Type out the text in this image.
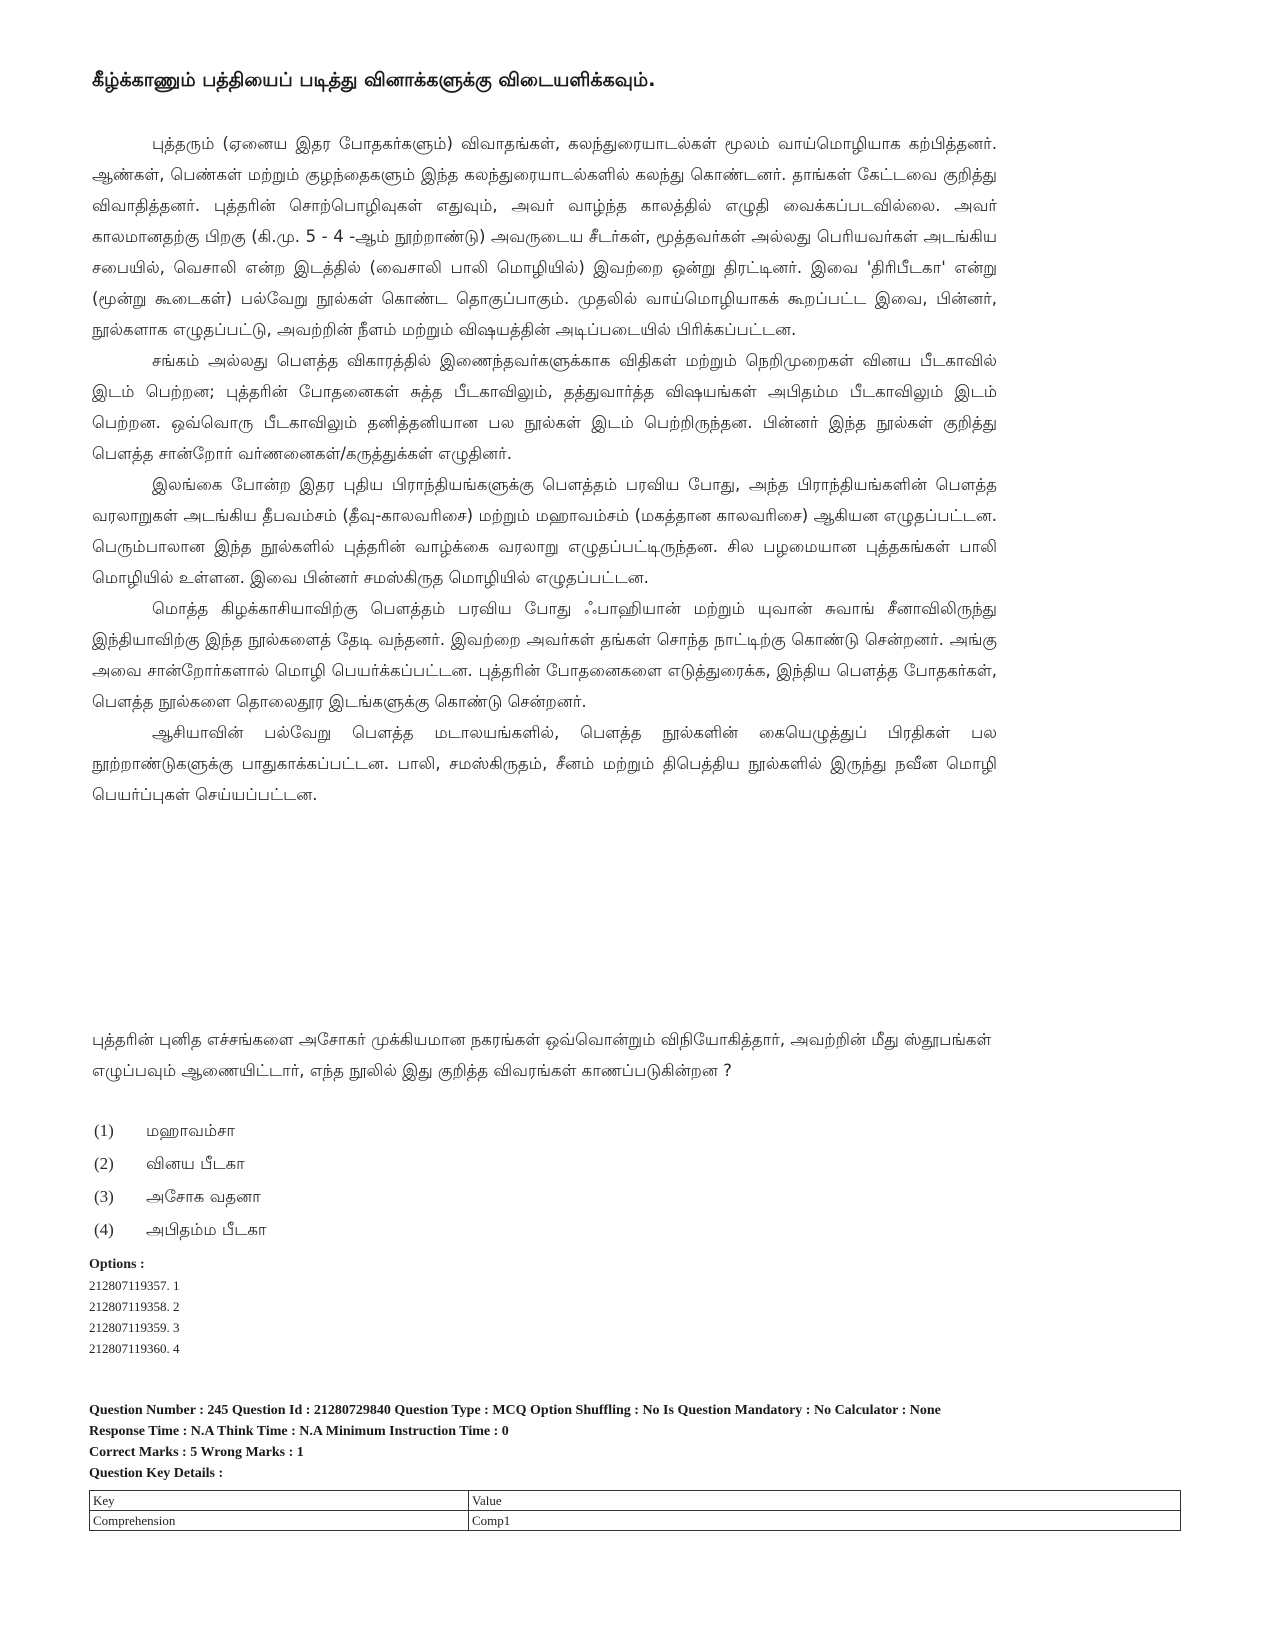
கீழ்க்காணும் பத்தியைப் படித்து வினாக்களுக்கு விடையளிக்கவும்.

புத்தரும் (ஏனைய இதர போதகர்களும்) விவாதங்கள், கலந்துரையாடல்கள் மூலம் வாய்மொழியாக கற்பித்தனர். ஆண்கள், பெண்கள் மற்றும் குழந்தைகளும் இந்த கலந்துரையாடல்களில் கலந்து கொண்டனர். தாங்கள் கேட்டவை குறித்து விவாதித்தனர். புத்தரின் சொற்பொழிவுகள் எதுவும், அவர் வாழ்ந்த காலத்தில் எழுதி வைக்கப்படவில்லை. அவர் காலமானதற்கு பிறகு (கி.மு. 5 - 4 -ஆம் நூற்றாண்டு) அவருடைய சீடர்கள், மூத்தவர்கள் அல்லது பெரியவர்கள் அடங்கிய சபையில், வெசாலி என்ற இடத்தில் (வைசாலி பாலி மொழியில்) இவற்றை ஒன்று திரட்டினர். இவை 'திரிபீடகா' என்று (மூன்று கூடைகள்) பல்வேறு நூல்கள் கொண்ட தொகுப்பாகும். முதலில் வாய்மொழியாகக் கூறப்பட்ட இவை, பின்னர், நூல்களாக எழுதப்பட்டு, அவற்றின் நீளம் மற்றும் விஷயத்தின் அடிப்படையில் பிரிக்கப்பட்டன.

சங்கம் அல்லது பௌத்த விகாரத்தில் இணைந்தவர்களுக்காக விதிகள் மற்றும் நெறிமுறைகள் வினய பீடகாவில் இடம் பெற்றன; புத்தரின் போதனைகள் சுத்த பீடகாவிலும், தத்துவார்த்த விஷயங்கள் அபிதம்ம பீடகாவிலும் இடம் பெற்றன. ஒவ்வொரு பீடகாவிலும் தனித்தனியான பல நூல்கள் இடம் பெற்றிருந்தன. பின்னர் இந்த நூல்கள் குறித்து பௌத்த சான்றோர் வர்ணனைகள்/கருத்துக்கள் எழுதினர்.

இலங்கை போன்ற இதர புதிய பிராந்தியங்களுக்கு பௌத்தம் பரவிய போது, அந்த பிராந்தியங்களின் பௌத்த வரலாறுகள் அடங்கிய தீபவம்சம் (தீவு-காலவரிசை) மற்றும் மஹாவம்சம் (மகத்தான காலவரிசை) ஆகியன எழுதப்பட்டன. பெரும்பாலான இந்த நூல்களில் புத்தரின் வாழ்க்கை வரலாறு எழுதப்பட்டிருந்தன. சில பழமையான புத்தகங்கள் பாலி மொழியில் உள்ளன. இவை பின்னர் சமஸ்கிருத மொழியில் எழுதப்பட்டன.

மொத்த கிழக்காசியாவிற்கு பௌத்தம் பரவிய போது ஃபாஹியான் மற்றும் யுவான் சுவாங் சீனாவிலிருந்து இந்தியாவிற்கு இந்த நூல்களைத் தேடி வந்தனர். இவற்றை அவர்கள் தங்கள் சொந்த நாட்டிற்கு கொண்டு சென்றனர். அங்கு அவை சான்றோர்களால் மொழி பெயர்க்கப்பட்டன. புத்தரின் போதனைகளை எடுத்துரைக்க, இந்திய பௌத்த போதகர்கள், பௌத்த நூல்களை தொலைதூர இடங்களுக்கு கொண்டு சென்றனர்.

ஆசியாவின் பல்வேறு பௌத்த மடாலயங்களில், பௌத்த நூல்களின் கையெழுத்துப் பிரதிகள் பல நூற்றாண்டுகளுக்கு பாதுகாக்கப்பட்டன. பாலி, சமஸ்கிருதம், சீனம் மற்றும் திபெத்திய நூல்களில் இருந்து நவீன மொழி பெயர்ப்புகள் செய்யப்பட்டன.

புத்தரின் புனித எச்சங்களை அசோகர் முக்கியமான நகரங்கள் ஒவ்வொன்றும் விநியோகித்தார், அவற்றின் மீது ஸ்தூபங்கள் எழுப்பவும் ஆணையிட்டார், எந்த நூலில் இது குறித்த விவரங்கள் காணப்படுகின்றன ?
(1) மஹாவம்சா
(2) வினய பீடகா
(3) அசோக வதனா
(4) அபிதம்ம பீடகா
Options :
212807119357. 1
212807119358. 2
212807119359. 3
212807119360. 4
Question Number : 245 Question Id : 21280729840 Question Type : MCQ Option Shuffling : No Is Question Mandatory : No Calculator : None
Response Time : N.A Think Time : N.A Minimum Instruction Time : 0
Correct Marks : 5 Wrong Marks : 1
Question Key Details :
Key	Value
Comprehension	Comp1
